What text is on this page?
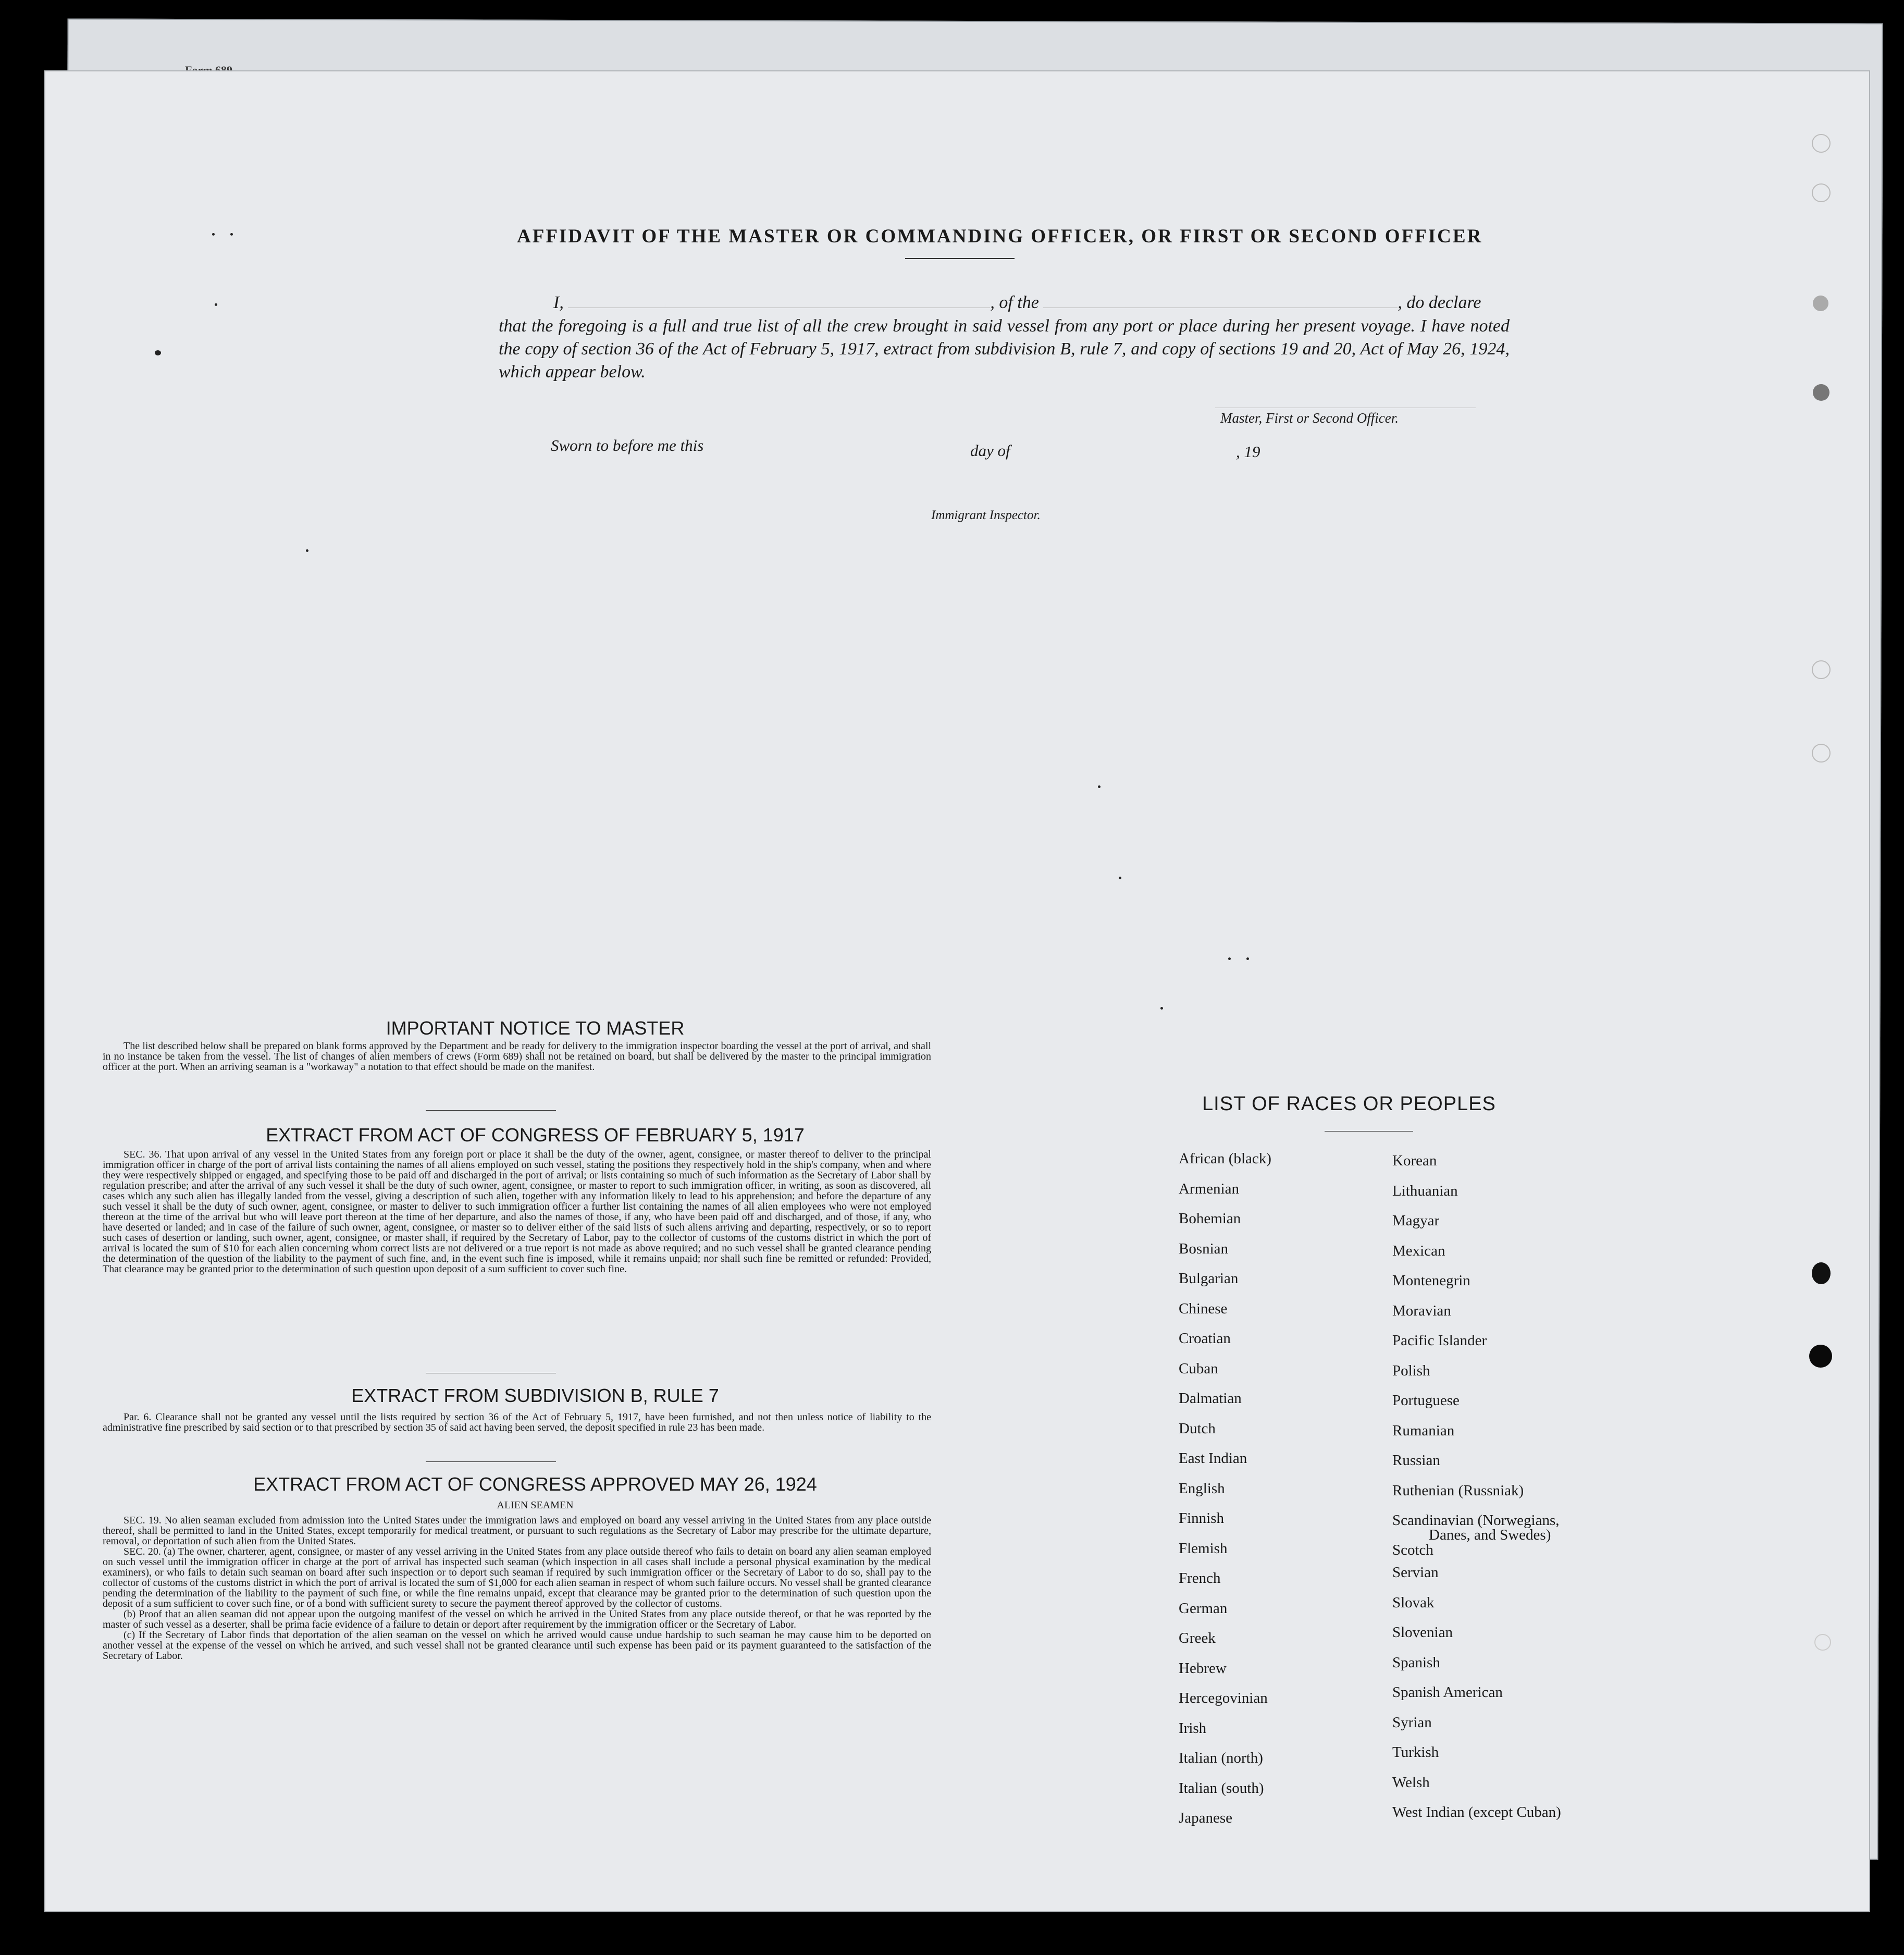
AFFIDAVIT OF THE MASTER OR COMMANDING OFFICER, OR FIRST OR SECOND OFFICER
I,	, of the	, do declare
that the foregoing is a full and true list of all the crew brought in said vessel from any port or place during her present voyage. I have noted the copy of section 36 of the Act of February 5, 1917, extract from subdivision B, rule 7, and copy of sections 19 and 20, Act of May 26, 1924, which appear below.
Master, First or Second Officer.
Sworn to before me this	day of	, 19
Immigrant Inspector.
IMPORTANT NOTICE TO MASTER
The list described below shall be prepared on blank forms approved by the Department and be ready for delivery to the immigration inspector boarding the vessel at the port of arrival, and shall in no instance be taken from the vessel. The list of changes of alien members of crews (Form 689) shall not be retained on board, but shall be delivered by the master to the principal immigration officer at the port. When an arriving seaman is a "workaway" a notation to that effect should be made on the manifest.
EXTRACT FROM ACT OF CONGRESS OF FEBRUARY 5, 1917
SEC. 36. That upon arrival of any vessel in the United States from any foreign port or place it shall be the duty of the owner, agent, consignee, or master thereof to deliver to the principal immigration officer in charge of the port of arrival lists containing the names of all aliens employed on such vessel, stating the positions they respectively hold in the ship's company, when and where they were respectively shipped or engaged, and specifying those to be paid off and discharged in the port of arrival; or lists containing so much of such information as the Secretary of Labor shall by regulation prescribe; and after the arrival of any such vessel it shall be the duty of such owner, agent, consignee, or master to report to such immigration officer, in writing, as soon as discovered, all cases which any such alien has illegally landed from the vessel, giving a description of such alien, together with any information likely to lead to his apprehension; and before the departure of any such vessel it shall be the duty of such owner, agent, consignee, or master to deliver to such immigration officer a further list containing the names of all alien employees who were not employed thereon at the time of the arrival but who will leave port thereon at the time of her departure, and also the names of those, if any, who have been paid off and discharged, and of those, if any, who have deserted or landed; and in case of the failure of such owner, agent, consignee, or master so to deliver either of the said lists of such aliens arriving and departing, respectively, or so to report such cases of desertion or landing, such owner, agent, consignee, or master shall, if required by the Secretary of Labor, pay to the collector of customs of the customs district in which the port of arrival is located the sum of $10 for each alien concerning whom correct lists are not delivered or a true report is not made as above required; and no such vessel shall be granted clearance pending the determination of the question of the liability to the payment of such fine, and, in the event such fine is imposed, while it remains unpaid; nor shall such fine be remitted or refunded: Provided, That clearance may be granted prior to the determination of such question upon deposit of a sum sufficient to cover such fine.
EXTRACT FROM SUBDIVISION B, RULE 7
Par. 6. Clearance shall not be granted any vessel until the lists required by section 36 of the Act of February 5, 1917, have been furnished, and not then unless notice of liability to the administrative fine prescribed by said section or to that prescribed by section 35 of said act having been served, the deposit specified in rule 23 has been made.
EXTRACT FROM ACT OF CONGRESS APPROVED MAY 26, 1924
ALIEN SEAMEN
SEC. 19. No alien seaman excluded from admission into the United States under the immigration laws and employed on board any vessel arriving in the United States from any place outside thereof, shall be permitted to land in the United States, except temporarily for medical treatment, or pursuant to such regulations as the Secretary of Labor may prescribe for the ultimate departure, removal, or deportation of such alien from the United States.
SEC. 20. (a) The owner, charterer, agent, consignee, or master of any vessel arriving in the United States from any place outside thereof who fails to detain on board any alien seaman employed on such vessel until the immigration officer in charge at the port of arrival has inspected such seaman (which inspection in all cases shall include a personal physical examination by the medical examiners), or who fails to detain such seaman on board after such inspection or to deport such seaman if required by such immigration officer or the Secretary of Labor to do so, shall pay to the collector of customs of the customs district in which the port of arrival is located the sum of $1,000 for each alien seaman in respect of whom such failure occurs. No vessel shall be granted clearance pending the determination of the liability to the payment of such fine, or while the fine remains unpaid, except that clearance may be granted prior to the determination of such question upon the deposit of a sum sufficient to cover such fine, or of a bond with sufficient surety to secure the payment thereof approved by the collector of customs.
(b) Proof that an alien seaman did not appear upon the outgoing manifest of the vessel on which he arrived in the United States from any place outside thereof, or that he was reported by the master of such vessel as a deserter, shall be prima facie evidence of a failure to detain or deport after requirement by the immigration officer or the Secretary of Labor.
(c) If the Secretary of Labor finds that deportation of the alien seaman on the vessel on which he arrived would cause undue hardship to such seaman he may cause him to be deported on another vessel at the expense of the vessel on which he arrived, and such vessel shall not be granted clearance until such expense has been paid or its payment guaranteed to the satisfaction of the Secretary of Labor.
LIST OF RACES OR PEOPLES
African (black)
Armenian
Bohemian
Bosnian
Bulgarian
Chinese
Croatian
Cuban
Dalmatian
Dutch
East Indian
English
Finnish
Flemish
French
German
Greek
Hebrew
Hercegovinian
Irish
Italian (north)
Italian (south)
Japanese
Korean
Lithuanian
Magyar
Mexican
Montenegrin
Moravian
Pacific Islander
Polish
Portuguese
Rumanian
Russian
Ruthenian (Russniak)
Scandinavian (Norwegians,
Danes, and Swedes)
Scotch
Servian
Slovak
Slovenian
Spanish
Spanish American
Syrian
Turkish
Welsh
West Indian (except Cuban)
